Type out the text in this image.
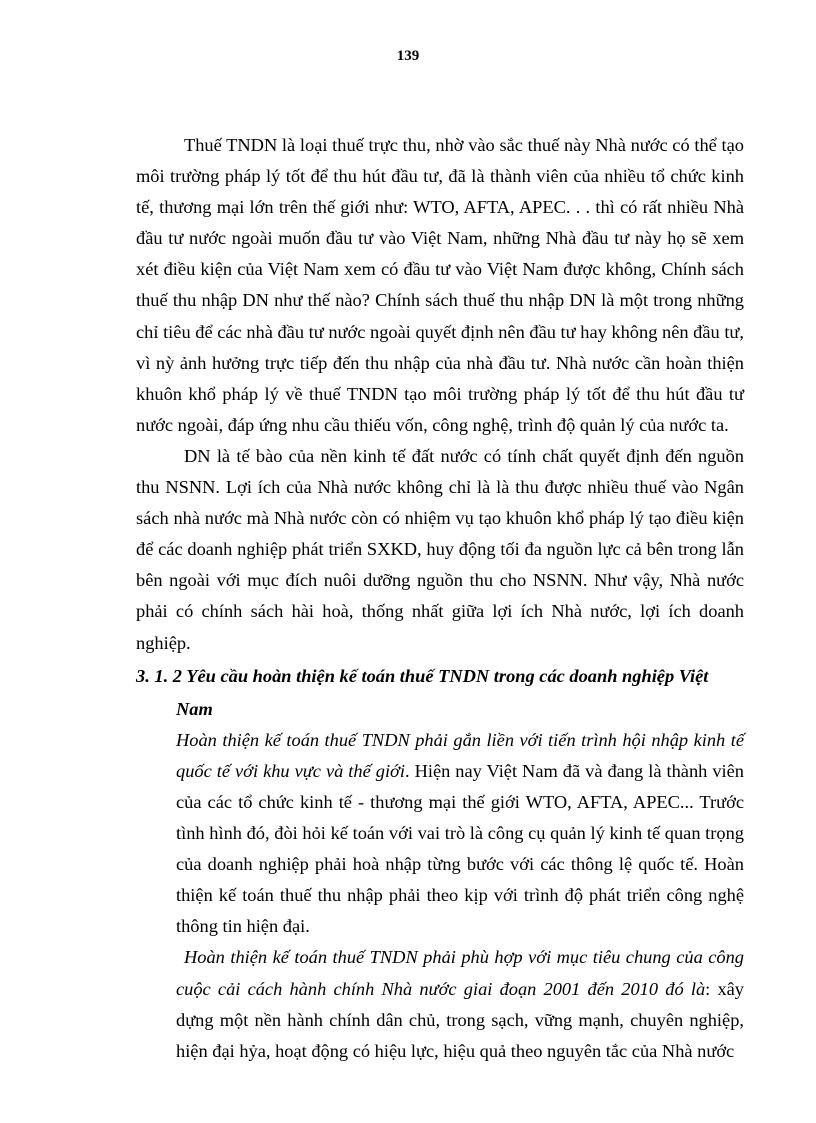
139

Thuế TNDN là loại thuế trực thu, nhờ vào sắc thuế này Nhà nước có thể tạo môi trường pháp lý tốt để thu hút đầu tư, đã là thành viên của nhiều tổ chức kinh tế, thương mại lớn trên thế giới như: WTO, AFTA, APEC. . . thì có rất nhiều Nhà đầu tư nước ngoài muốn đầu tư vào Việt Nam, những Nhà đầu tư này họ sẽ xem xét điều kiện của Việt Nam xem có đầu tư vào Việt Nam được không, Chính sách thuế thu nhập DN như thế nào? Chính sách thuế thu nhập DN là một trong những chỉ tiêu để các nhà đầu tư nước ngoài quyết định nên đầu tư hay không nên đầu tư, vì nỳ ảnh hưởng trực tiếp đến thu nhập của nhà đầu tư. Nhà nước cần hoàn thiện khuôn khổ pháp lý về thuế TNDN tạo môi trường pháp lý tốt để thu hút đầu tư nước ngoài, đáp ứng nhu cầu thiếu vốn, công nghệ, trình độ quản lý của nước ta.

DN là tế bào của nền kinh tế đất nước có tính chất quyết định đến nguồn thu NSNN. Lợi ích của Nhà nước không chỉ là là thu được nhiều thuế vào Ngân sách nhà nước mà Nhà nước còn có nhiệm vụ tạo khuôn khổ pháp lý tạo điều kiện để các doanh nghiệp phát triển SXKD, huy động tối đa nguồn lực cả bên trong lẫn bên ngoài với mục đích nuôi dưỡng nguồn thu cho NSNN. Như vậy, Nhà nước phải có chính sách hài hoà, thống nhất giữa lợi ích Nhà nước, lợi ích doanh nghiệp.

3. 1. 2 Yêu cầu hoàn thiện kế toán thuế TNDN trong các doanh nghiệp Việt

Nam

Hoàn thiện kế toán thuế TNDN phải gắn liền với tiến trình hội nhập kinh tế quốc tế với khu vực và thế giới. Hiện nay Việt Nam đã và đang là thành viên của các tổ chức kinh tế - thương mại thế giới WTO, AFTA, APEC... Trước tình hình đó, đòi hỏi kế toán với vai trò là công cụ quản lý kinh tế quan trọng của doanh nghiệp phải hoà nhập từng bước với các thông lệ quốc tế. Hoàn thiện kế toán thuế thu nhập phải theo kịp với trình độ phát triển công nghệ thông tin hiện đại.

Hoàn thiện kế toán thuế TNDN phải phù hợp với mục tiêu chung của công cuộc cải cách hành chính Nhà nước giai đoạn 2001 đến 2010 đó là: xây dựng một nền hành chính dân chủ, trong sạch, vững mạnh, chuyên nghiệp, hiện đại hỷa, hoạt động có hiệu lực, hiệu quả theo nguyên tắc của Nhà nước
